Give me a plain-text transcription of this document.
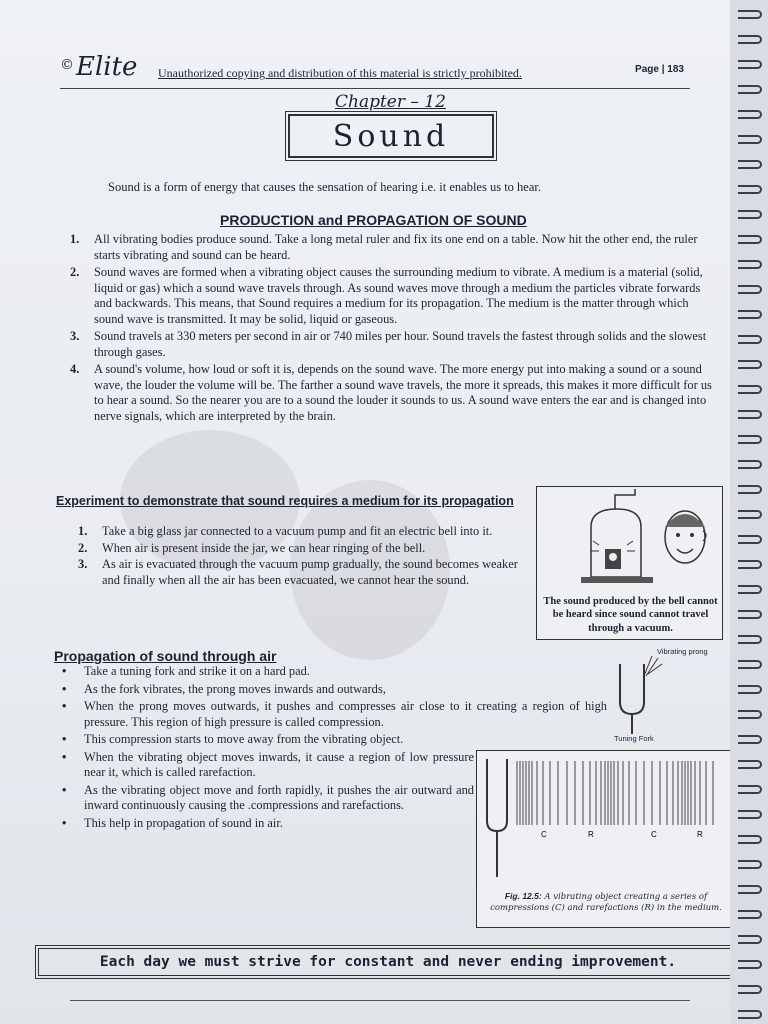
©Elite Unauthorized copying and distribution of this material is strictly prohibited.	Page | 183
Chapter – 12
Sound
Sound is a form of energy that causes the sensation of hearing i.e. it enables us to hear.
PRODUCTION and PROPAGATION OF SOUND
1.	All vibrating bodies produce sound. Take a long metal ruler and fix its one end on a table. Now hit the other end, the ruler starts vibrating and sound can be heard.
2.	Sound waves are formed when a vibrating object causes the surrounding medium to vibrate. A medium is a material (solid, liquid or gas) which a sound wave travels through. As sound waves move through a medium the particles vibrate forwards and backwards. This means, that Sound requires a medium for its propagation. The medium is the matter through which sound wave is transmitted. It may be solid, liquid or gaseous.
3.	Sound travels at 330 meters per second in air or 740 miles per hour. Sound travels the fastest through solids and the slowest through gases.
4.	A sound's volume, how loud or soft it is, depends on the sound wave. The more energy put into making a sound or a sound wave, the louder the volume will be. The farther a sound wave travels, the more it spreads, this makes it more difficult for us to hear a sound. So the nearer you are to a sound the louder it sounds to us. A sound wave enters the ear and is changed into nerve signals, which are interpreted by the brain.
Experiment to demonstrate that sound requires a medium for its propagation
1.	Take a big glass jar connected to a vacuum pump and fit an electric bell into it.
2.	When air is present inside the jar, we can hear ringing of the bell.
3.	As air is evacuated through the vacuum pump gradually, the sound becomes weaker and finally when all the air has been evacuated, we cannot hear the sound.
The sound produced by the bell cannot be heard since sound cannot travel through a vacuum.
Propagation of sound through air
•	Take a tuning fork and strike it on a hard pad.
•	As the fork vibrates, the prong moves inwards and outwards,
•	When the prong moves outwards, it pushes and compresses air close to it creating a region of high pressure. This region of high pressure is called compression.
•	This compression starts to move away from the vibrating object.
•	When the vibrating object moves inwards, it cause a region of low pressure near it, which is called rarefaction.
•	As the vibrating object move and forth rapidly, it pushes the air outward and inward continuously causing the .compressions and rarefactions.
•	This help in propagation of sound in air.
Vibrating prong
Tuning Fork
C	R	C	R
Fig. 12.5: A vibrating object creating a series of compressions (C) and rarefactions (R) in the medium.
Each day we must strive for constant and never ending improvement.
